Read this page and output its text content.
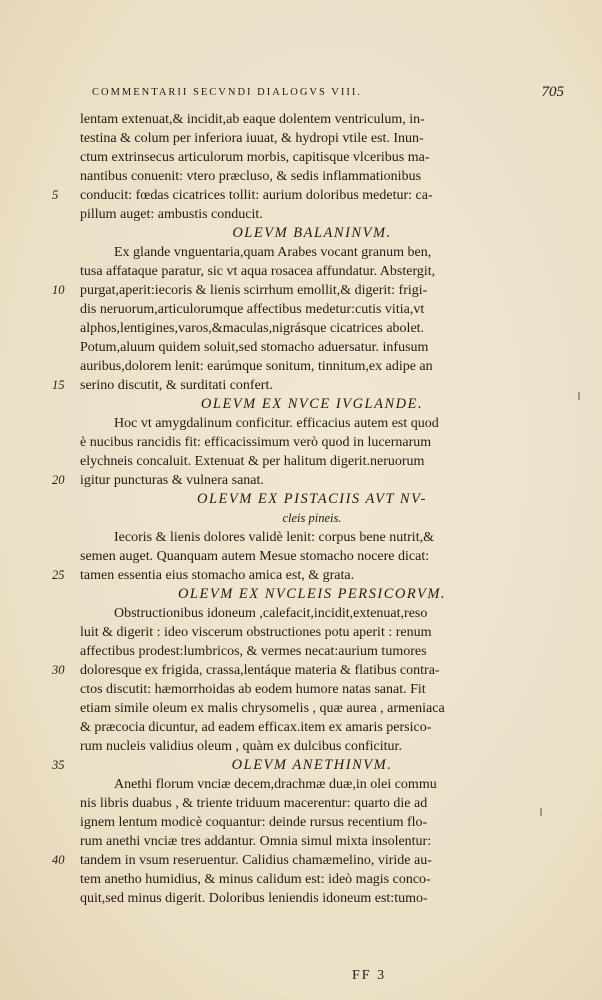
COMMENTARII SECVNDI DIALOGVS VIII.	705
lentam extenuat,& incidit,ab eaque dolentem ventriculum, in-
testina & colum per inferiora iuuat, & hydropi vtile est. Inun-
ctum extrinsecus articulorum morbis, capitisque vlceribus ma-
nantibus conuenit: vtero præcluso, & sedis inflammationibus
5	conducit: fœdas cicatrices tollit: aurium doloribus medetur: ca-
pillum auget: ambustis conducit.
OLEVM BALANINVM.
Ex glande vnguentaria,quam Arabes vocant granum ben,
tusa affataque paratur, sic vt aqua rosacea affundatur. Abstergit,
10	purgat,aperit:iecoris & lienis scirrhum emollit,& digerit: frigi-
dis neruorum,articulorumque affectibus medetur:cutis vitia,vt
alphos,lentigines,varos,&maculas,nigrásque cicatrices abolet.
Potum,aluum quidem soluit,sed stomacho aduersatur. infusum
auribus,dolorem lenit: earúmque sonitum, tinnitum,ex adipe an
15	serino discutit, & surditati confert.
OLEVM EX NVCE IVGLANDE.
Hoc vt amygdalinum conficitur. efficacius autem est quod
è nucibus rancidis fit: efficacissimum verò quod in lucernarum
elychneis concaluit. Extenuat & per halitum digerit.neruorum
20	igitur puncturas & vulnera sanat.
OLEVM EX PISTACIIS AVT NV-
cleis pineis.
Iecoris & lienis dolores validè lenit: corpus bene nutrit,&
semen auget. Quanquam autem Mesue stomacho nocere dicat:
25	tamen essentia eius stomacho amica est, & grata.
OLEVM EX NVCLEIS PERSICORVM.
Obstructionibus idoneum ,calefacit,incidit,extenuat,reso
luit & digerit : ideo viscerum obstructiones potu aperit : renum
affectibus prodest:lumbricos, & vermes necat:aurium tumores
30	doloresque ex frigida, crassa,lentáque materia & flatibus contra-
ctos discutit: hæmorrhoidas ab eodem humore natas sanat. Fit
etiam simile oleum ex malis chrysomelis , quæ aurea , armeniaca
& præcocia dicuntur, ad eadem efficax.item ex amaris persico-
rum nucleis validius oleum , quàm ex dulcibus conficitur.
35	OLEVM ANETHINVM.
Anethi florum vnciæ decem,drachmæ duæ,in olei commu
nis libris duabus , & triente triduum macerentur: quarto die ad
ignem lentum modicè coquantur: deinde rursus recentium flo-
rum anethi vnciæ tres addantur. Omnia simul mixta insolentur:
40	tandem in vsum reseruentur. Calidius chamæmelino, viride au-
tem anetho humidius, & minus calidum est: ideò magis conco-
quit,sed minus digerit. Doloribus leniendis idoneum est:tumo-
FF 3
